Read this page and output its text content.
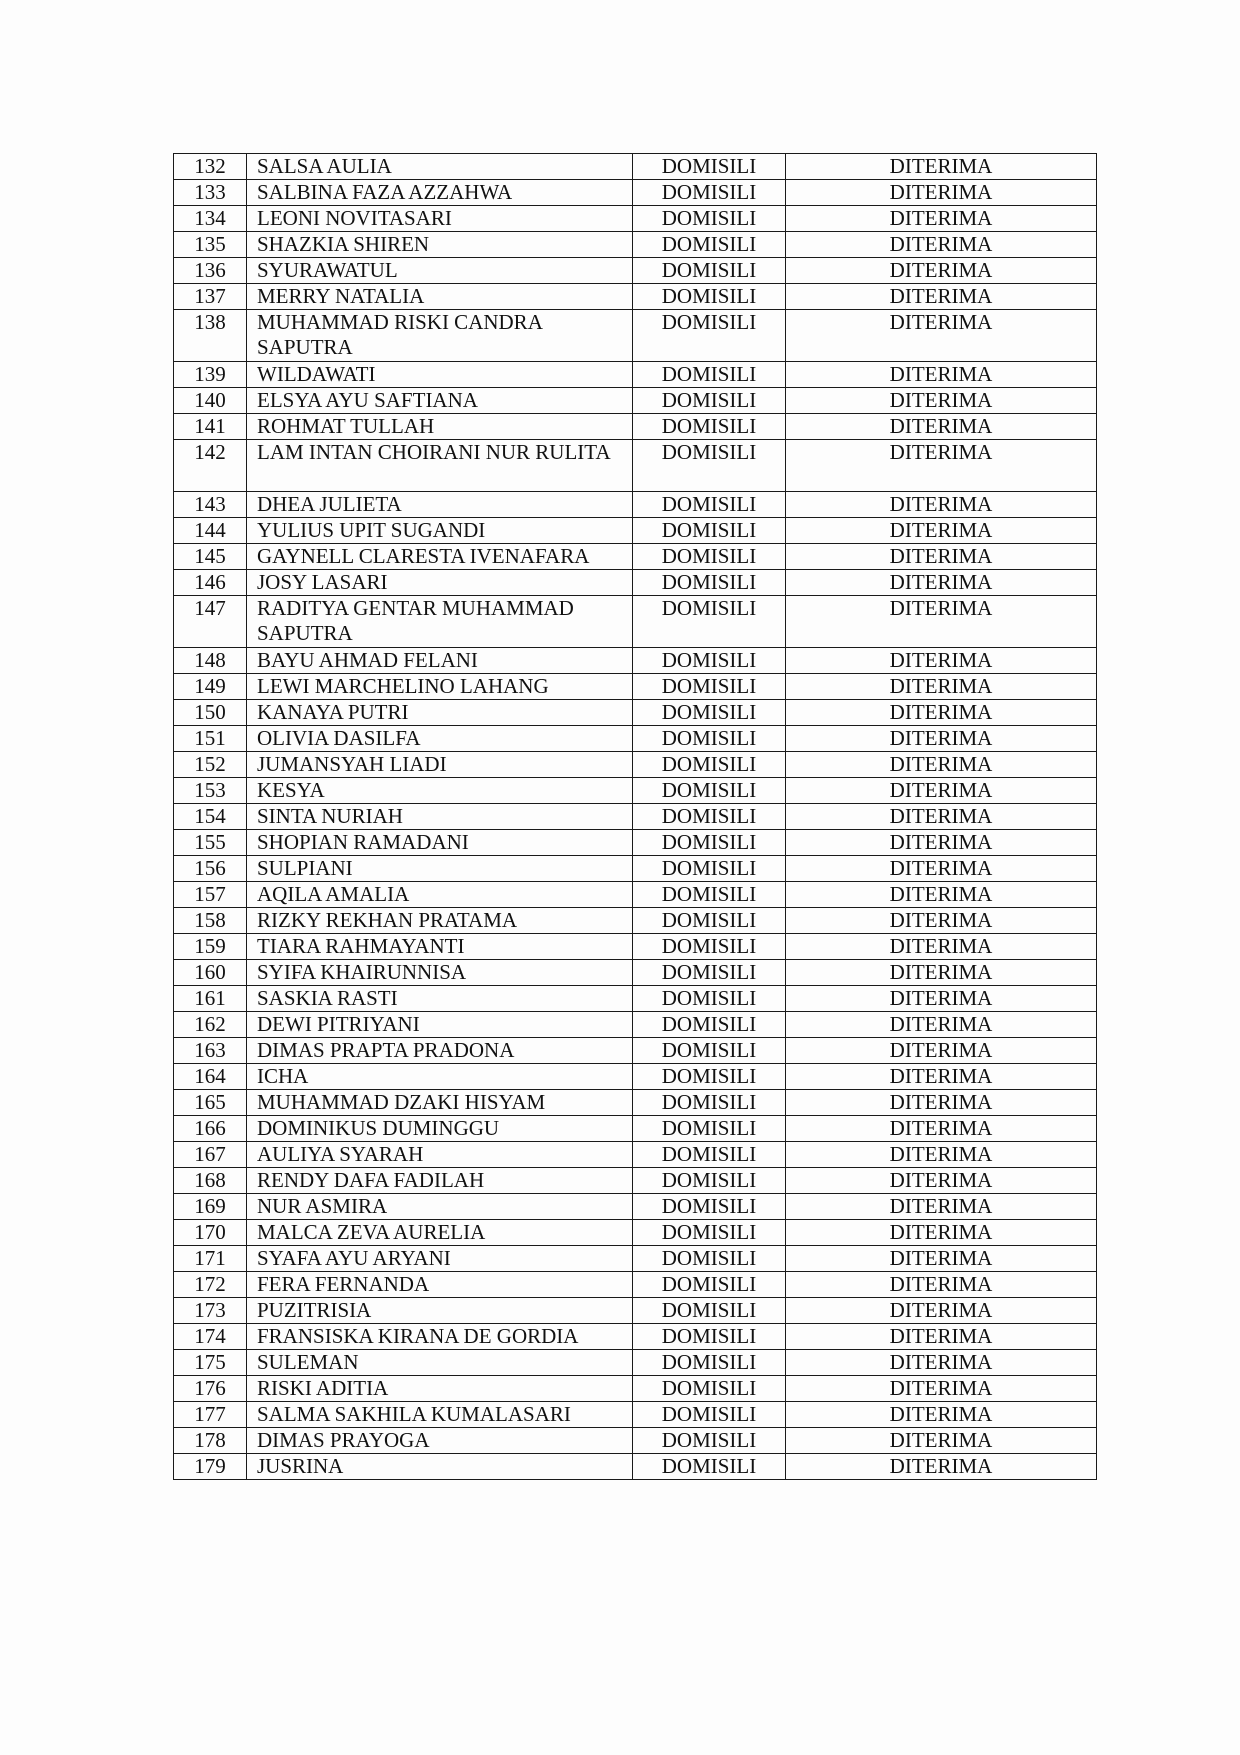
132	SALSA AULIA	DOMISILI	DITERIMA
133	SALBINA FAZA AZZAHWA	DOMISILI	DITERIMA
134	LEONI NOVITASARI	DOMISILI	DITERIMA
135	SHAZKIA SHIREN	DOMISILI	DITERIMA
136	SYURAWATUL	DOMISILI	DITERIMA
137	MERRY NATALIA	DOMISILI	DITERIMA
138	MUHAMMAD RISKI CANDRA SAPUTRA	DOMISILI	DITERIMA
139	WILDAWATI	DOMISILI	DITERIMA
140	ELSYA AYU SAFTIANA	DOMISILI	DITERIMA
141	ROHMAT TULLAH	DOMISILI	DITERIMA
142	LAM INTAN CHOIRANI NUR RULITA	DOMISILI	DITERIMA
143	DHEA JULIETA	DOMISILI	DITERIMA
144	YULIUS UPIT SUGANDI	DOMISILI	DITERIMA
145	GAYNELL CLARESTA IVENAFARA	DOMISILI	DITERIMA
146	JOSY LASARI	DOMISILI	DITERIMA
147	RADITYA GENTAR MUHAMMAD SAPUTRA	DOMISILI	DITERIMA
148	BAYU AHMAD FELANI	DOMISILI	DITERIMA
149	LEWI MARCHELINO LAHANG	DOMISILI	DITERIMA
150	KANAYA PUTRI	DOMISILI	DITERIMA
151	OLIVIA DASILFA	DOMISILI	DITERIMA
152	JUMANSYAH LIADI	DOMISILI	DITERIMA
153	KESYA	DOMISILI	DITERIMA
154	SINTA NURIAH	DOMISILI	DITERIMA
155	SHOPIAN RAMADANI	DOMISILI	DITERIMA
156	SULPIANI	DOMISILI	DITERIMA
157	AQILA AMALIA	DOMISILI	DITERIMA
158	RIZKY REKHAN PRATAMA	DOMISILI	DITERIMA
159	TIARA RAHMAYANTI	DOMISILI	DITERIMA
160	SYIFA KHAIRUNNISA	DOMISILI	DITERIMA
161	SASKIA RASTI	DOMISILI	DITERIMA
162	DEWI PITRIYANI	DOMISILI	DITERIMA
163	DIMAS PRAPTA PRADONA	DOMISILI	DITERIMA
164	ICHA	DOMISILI	DITERIMA
165	MUHAMMAD DZAKI HISYAM	DOMISILI	DITERIMA
166	DOMINIKUS DUMINGGU	DOMISILI	DITERIMA
167	AULIYA SYARAH	DOMISILI	DITERIMA
168	RENDY DAFA FADILAH	DOMISILI	DITERIMA
169	NUR ASMIRA	DOMISILI	DITERIMA
170	MALCA ZEVA AURELIA	DOMISILI	DITERIMA
171	SYAFA AYU ARYANI	DOMISILI	DITERIMA
172	FERA FERNANDA	DOMISILI	DITERIMA
173	PUZITRISIA	DOMISILI	DITERIMA
174	FRANSISKA KIRANA DE GORDIA	DOMISILI	DITERIMA
175	SULEMAN	DOMISILI	DITERIMA
176	RISKI ADITIA	DOMISILI	DITERIMA
177	SALMA SAKHILA KUMALASARI	DOMISILI	DITERIMA
178	DIMAS PRAYOGA	DOMISILI	DITERIMA
179	JUSRINA	DOMISILI	DITERIMA
